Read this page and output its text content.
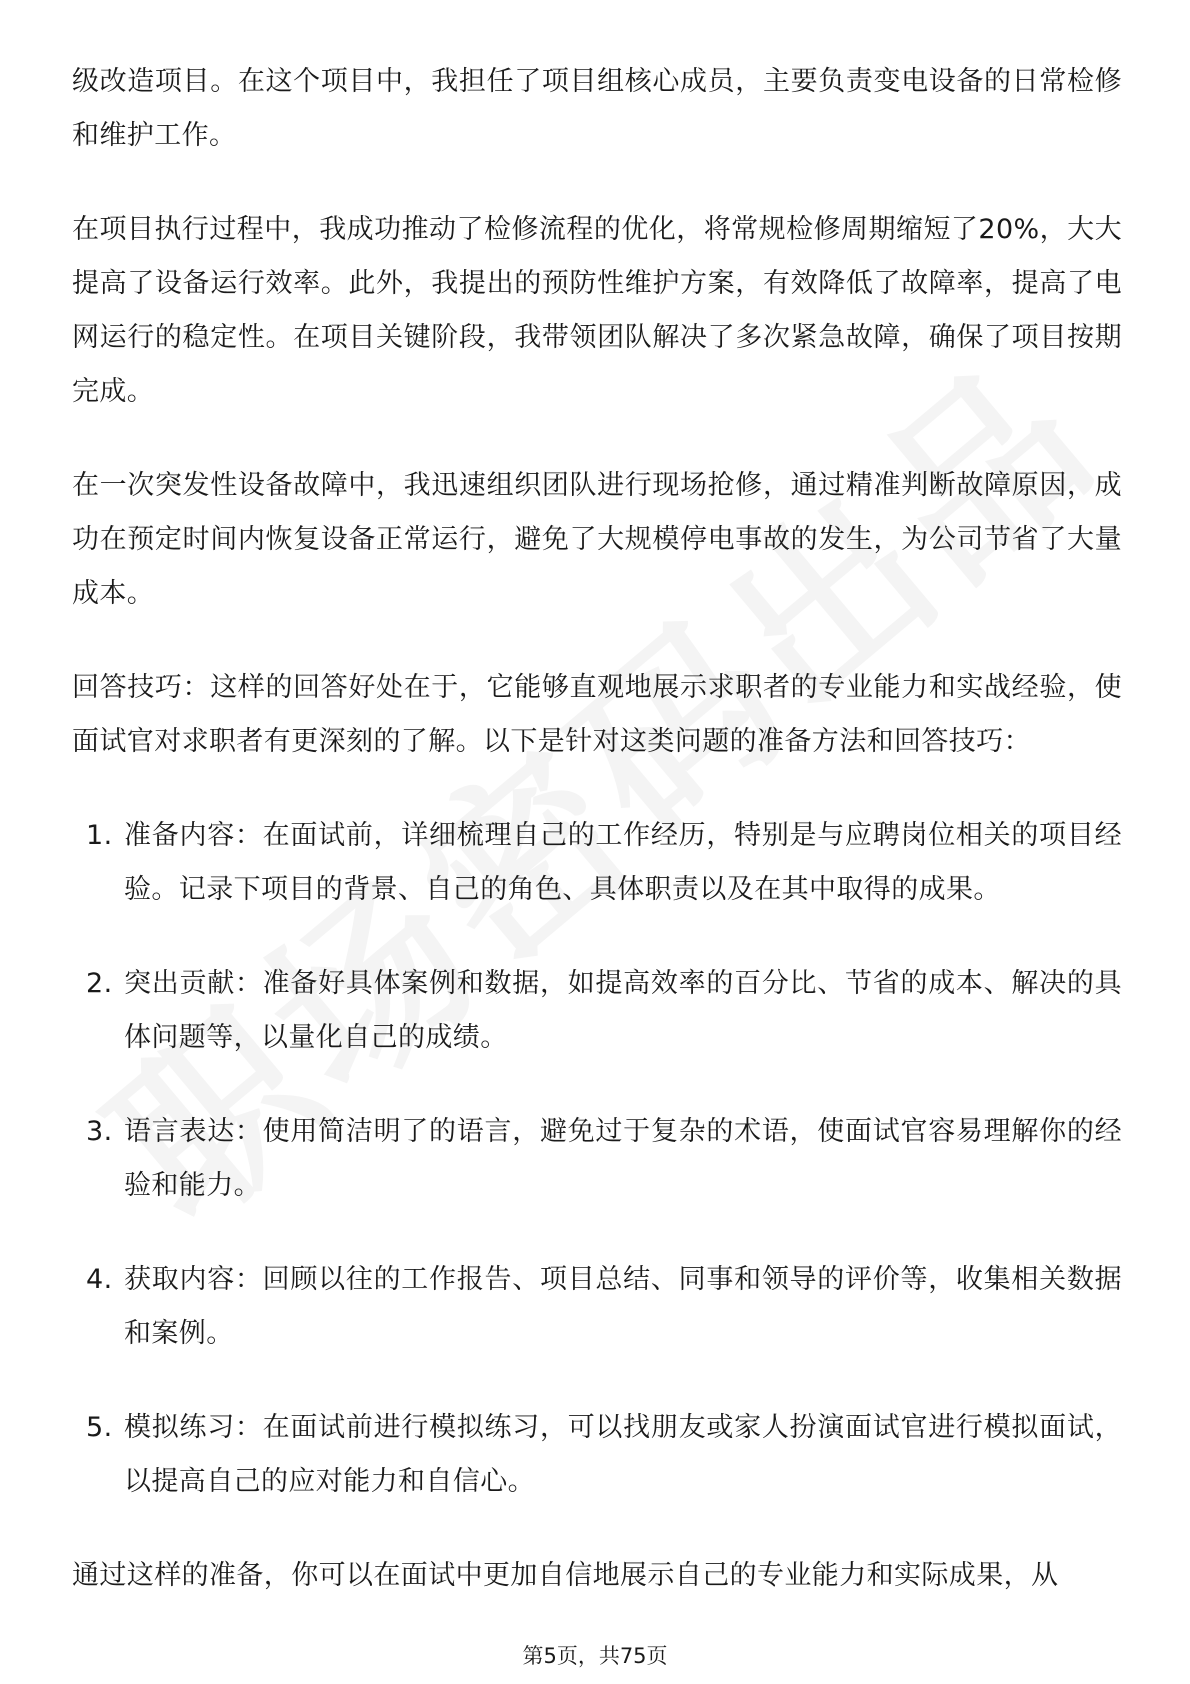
级改造项目。在这个项目中，我担任了项目组核心成员，主要负责变电设备的日常检修和维护工作。

在项目执行过程中，我成功推动了检修流程的优化，将常规检修周期缩短了20%，大大提高了设备运行效率。此外，我提出的预防性维护方案，有效降低了故障率，提高了电网运行的稳定性。在项目关键阶段，我带领团队解决了多次紧急故障，确保了项目按期完成。

在一次突发性设备故障中，我迅速组织团队进行现场抢修，通过精准判断故障原因，成功在预定时间内恢复设备正常运行，避免了大规模停电事故的发生，为公司节省了大量成本。

回答技巧：这样的回答好处在于，它能够直观地展示求职者的专业能力和实战经验，使面试官对求职者有更深刻的了解。以下是针对这类问题的准备方法和回答技巧：

1. 准备内容：在面试前，详细梳理自己的工作经历，特别是与应聘岗位相关的项目经验。记录下项目的背景、自己的角色、具体职责以及在其中取得的成果。
2. 突出贡献：准备好具体案例和数据，如提高效率的百分比、节省的成本、解决的具体问题等，以量化自己的成绩。
3. 语言表达：使用简洁明了的语言，避免过于复杂的术语，使面试官容易理解你的经验和能力。
4. 获取内容：回顾以往的工作报告、项目总结、同事和领导的评价等，收集相关数据和案例。
5. 模拟练习：在面试前进行模拟练习，可以找朋友或家人扮演面试官进行模拟面试，以提高自己的应对能力和自信心。

通过这样的准备，你可以在面试中更加自信地展示自己的专业能力和实际成果，从

第5页，共75页
